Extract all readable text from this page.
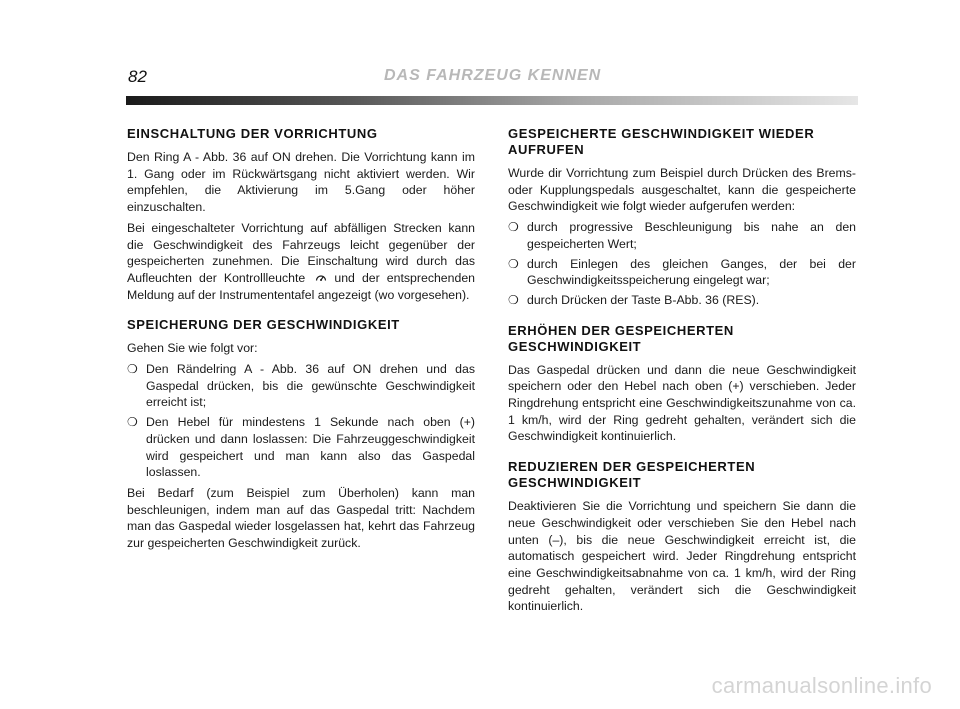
82	DAS FAHRZEUG KENNEN
EINSCHALTUNG DER VORRICHTUNG

Den Ring A - Abb. 36 auf ON drehen. Die Vorrichtung kann im 1. Gang oder im Rückwärtsgang nicht aktiviert werden. Wir empfehlen, die Aktivierung im 5.Gang oder höher einzuschalten.

Bei eingeschalteter Vorrichtung auf abfälligen Strecken kann die Geschwindigkeit des Fahrzeugs leicht gegenüber der gespeicherten zunehmen. Die Einschaltung wird durch das Aufleuchten der Kontrollleuchte  und der entsprechenden Meldung auf der Instrumententafel angezeigt (wo vorgesehen).

SPEICHERUNG DER GESCHWINDIGKEIT

Gehen Sie wie folgt vor:

❍ Den Rändelring A - Abb. 36 auf ON drehen und das Gaspedal drücken, bis die gewünschte Geschwindigkeit erreicht ist;
❍ Den Hebel für mindestens 1 Sekunde nach oben (+) drücken und dann loslassen: Die Fahrzeuggeschwindigkeit wird gespeichert und man kann also das Gaspedal loslassen.

Bei Bedarf (zum Beispiel zum Überholen) kann man beschleunigen, indem man auf das Gaspedal tritt: Nachdem man das Gaspedal wieder losgelassen hat, kehrt das Fahrzeug zur gespeicherten Geschwindigkeit zurück.

GESPEICHERTE GESCHWINDIGKEIT WIEDER AUFRUFEN

Wurde dir Vorrichtung zum Beispiel durch Drücken des Brems- oder Kupplungspedals ausgeschaltet, kann die gespeicherte Geschwindigkeit wie folgt wieder aufgerufen werden:

❍ durch progressive Beschleunigung bis nahe an den gespeicherten Wert;
❍ durch Einlegen des gleichen Ganges, der bei der Geschwindigkeitsspeicherung eingelegt war;
❍ durch Drücken der Taste B-Abb. 36 (RES).
ERHÖHEN DER GESPEICHERTEN GESCHWINDIGKEIT

Das Gaspedal drücken und dann die neue Geschwindigkeit speichern oder den Hebel nach oben (+) verschieben. Jeder Ringdrehung entspricht eine Geschwindigkeitszunahme von ca. 1 km/h, wird der Ring gedreht gehalten, verändert sich die Geschwindigkeit kontinuierlich.

REDUZIEREN DER GESPEICHERTEN GESCHWINDIGKEIT

Deaktivieren Sie die Vorrichtung und speichern Sie dann die neue Geschwindigkeit oder verschieben Sie den Hebel nach unten (–), bis die neue Geschwindigkeit erreicht ist, die automatisch gespeichert wird. Jeder Ringdrehung entspricht eine Geschwindigkeitsabnahme von ca. 1 km/h, wird der Ring gedreht gehalten, verändert sich die Geschwindigkeit kontinuierlich.

carmanualsonline.info
